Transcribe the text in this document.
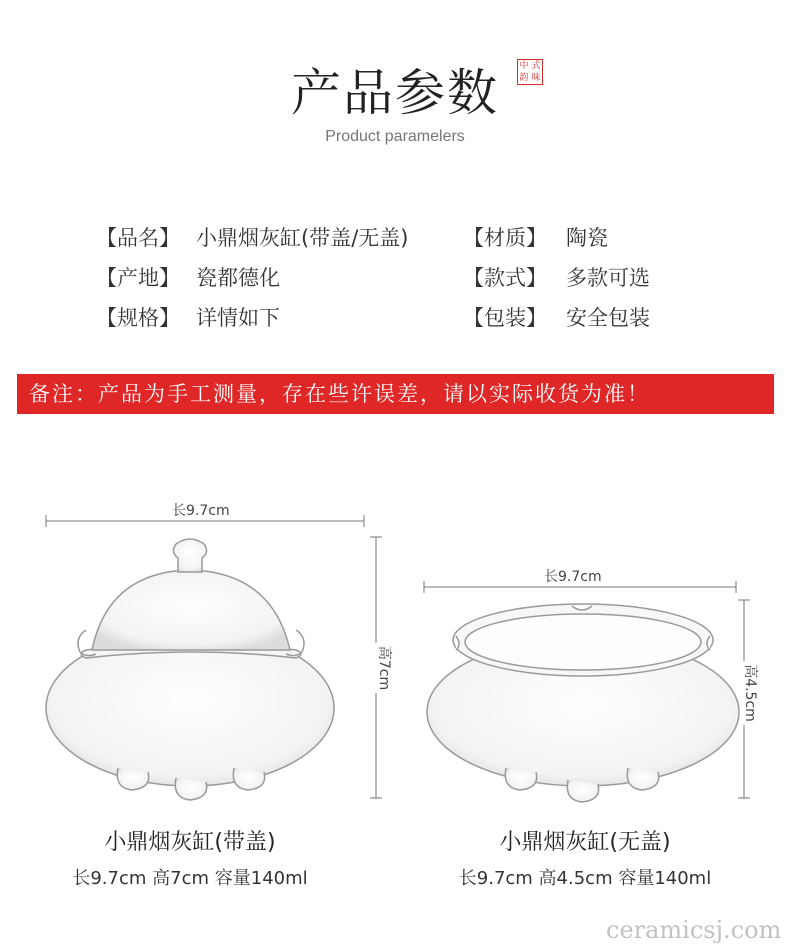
产品参数	中 式
韵 味
Product paramelers
【品名】 小鼎烟灰缸(带盖/无盖)	【材质】 陶瓷
【产地】 瓷都德化	【款式】 多款可选
【规格】 详情如下	【包装】 安全包装
备注：产品为手工测量，存在些许误差，请以实际收货为准！
长9.7cm
高7cm
长9.7cm
高4.5cm
小鼎烟灰缸(带盖)
长9.7cm 高7cm 容量140ml
小鼎烟灰缸(无盖)
长9.7cm 高4.5cm 容量140ml
ceramicsj.com
